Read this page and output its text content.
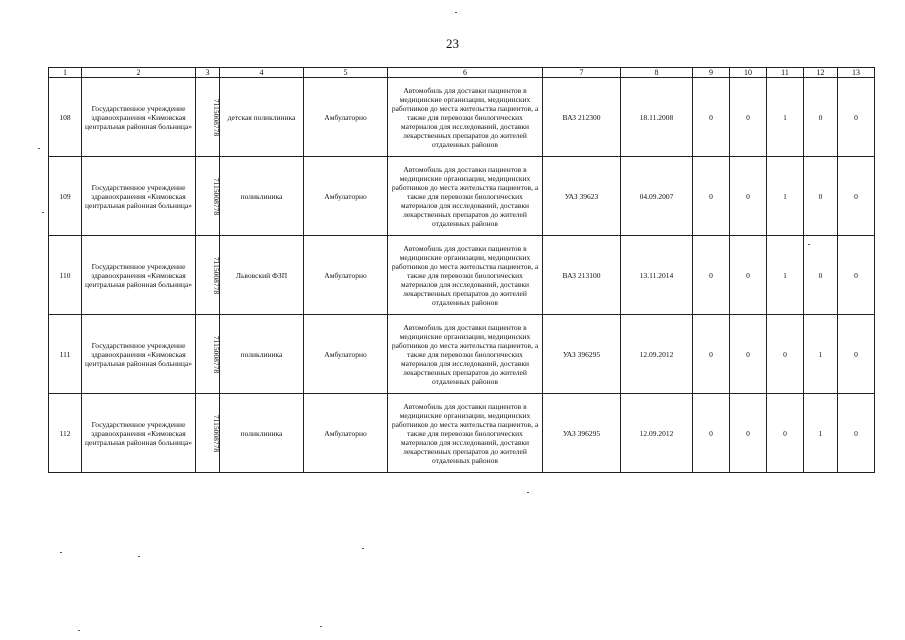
23
1	2	3	4	5	6	7	8	9	10	11	12	13
108	Государственное учреждение здравоохранения «Кимовская центральная районная больница»	7115008778	детская поликлиника	Амбулаторно	Автомобиль для доставки пациентов в медицинские организации, медицинских работников до места жительства пациентов, а также для перевозки биологических материалов для исследований, доставки лекарственных препаратов до жителей отдаленных районов	ВАЗ 212300	18.11.2008	0	0	1	0	0
109	Государственное учреждение здравоохранения «Кимовская центральная районная больница»	7115008778	поликлиника	Амбулаторно	Автомобиль для доставки пациентов в медицинские организации, медицинских работников до места жительства пациентов, а также для перевозки биологических материалов для исследований, доставки лекарственных препаратов до жителей отдаленных районов	УАЗ 39623	04.09.2007	0	0	1	0	0
110	Государственное учреждение здравоохранения «Кимовская центральная районная больница»	7115008778	Львовский ФЗП	Амбулаторно	Автомобиль для доставки пациентов в медицинские организации, медицинских работников до места жительства пациентов, а также для перевозки биологических материалов для исследований, доставки лекарственных препаратов до жителей отдаленных районов	ВАЗ 213100	13.11.2014	0	0	1	0	0
111	Государственное учреждение здравоохранения «Кимовская центральная районная больница»	7115008778	поликлиника	Амбулаторно	Автомобиль для доставки пациентов в медицинские организации, медицинских работников до места жительства пациентов, а также для перевозки биологических материалов для исследований, доставки лекарственных препаратов до жителей отдаленных районов	УАЗ 396295	12.09.2012	0	0	0	1	0
112	Государственное учреждение здравоохранения «Кимовская центральная районная больница»	7115008778	поликлиника	Амбулаторно	Автомобиль для доставки пациентов в медицинские организации, медицинских работников до места жительства пациентов, а также для перевозки биологических материалов для исследований, доставки лекарственных препаратов до жителей отдаленных районов	УАЗ 396295	12.09.2012	0	0	0	1	0
